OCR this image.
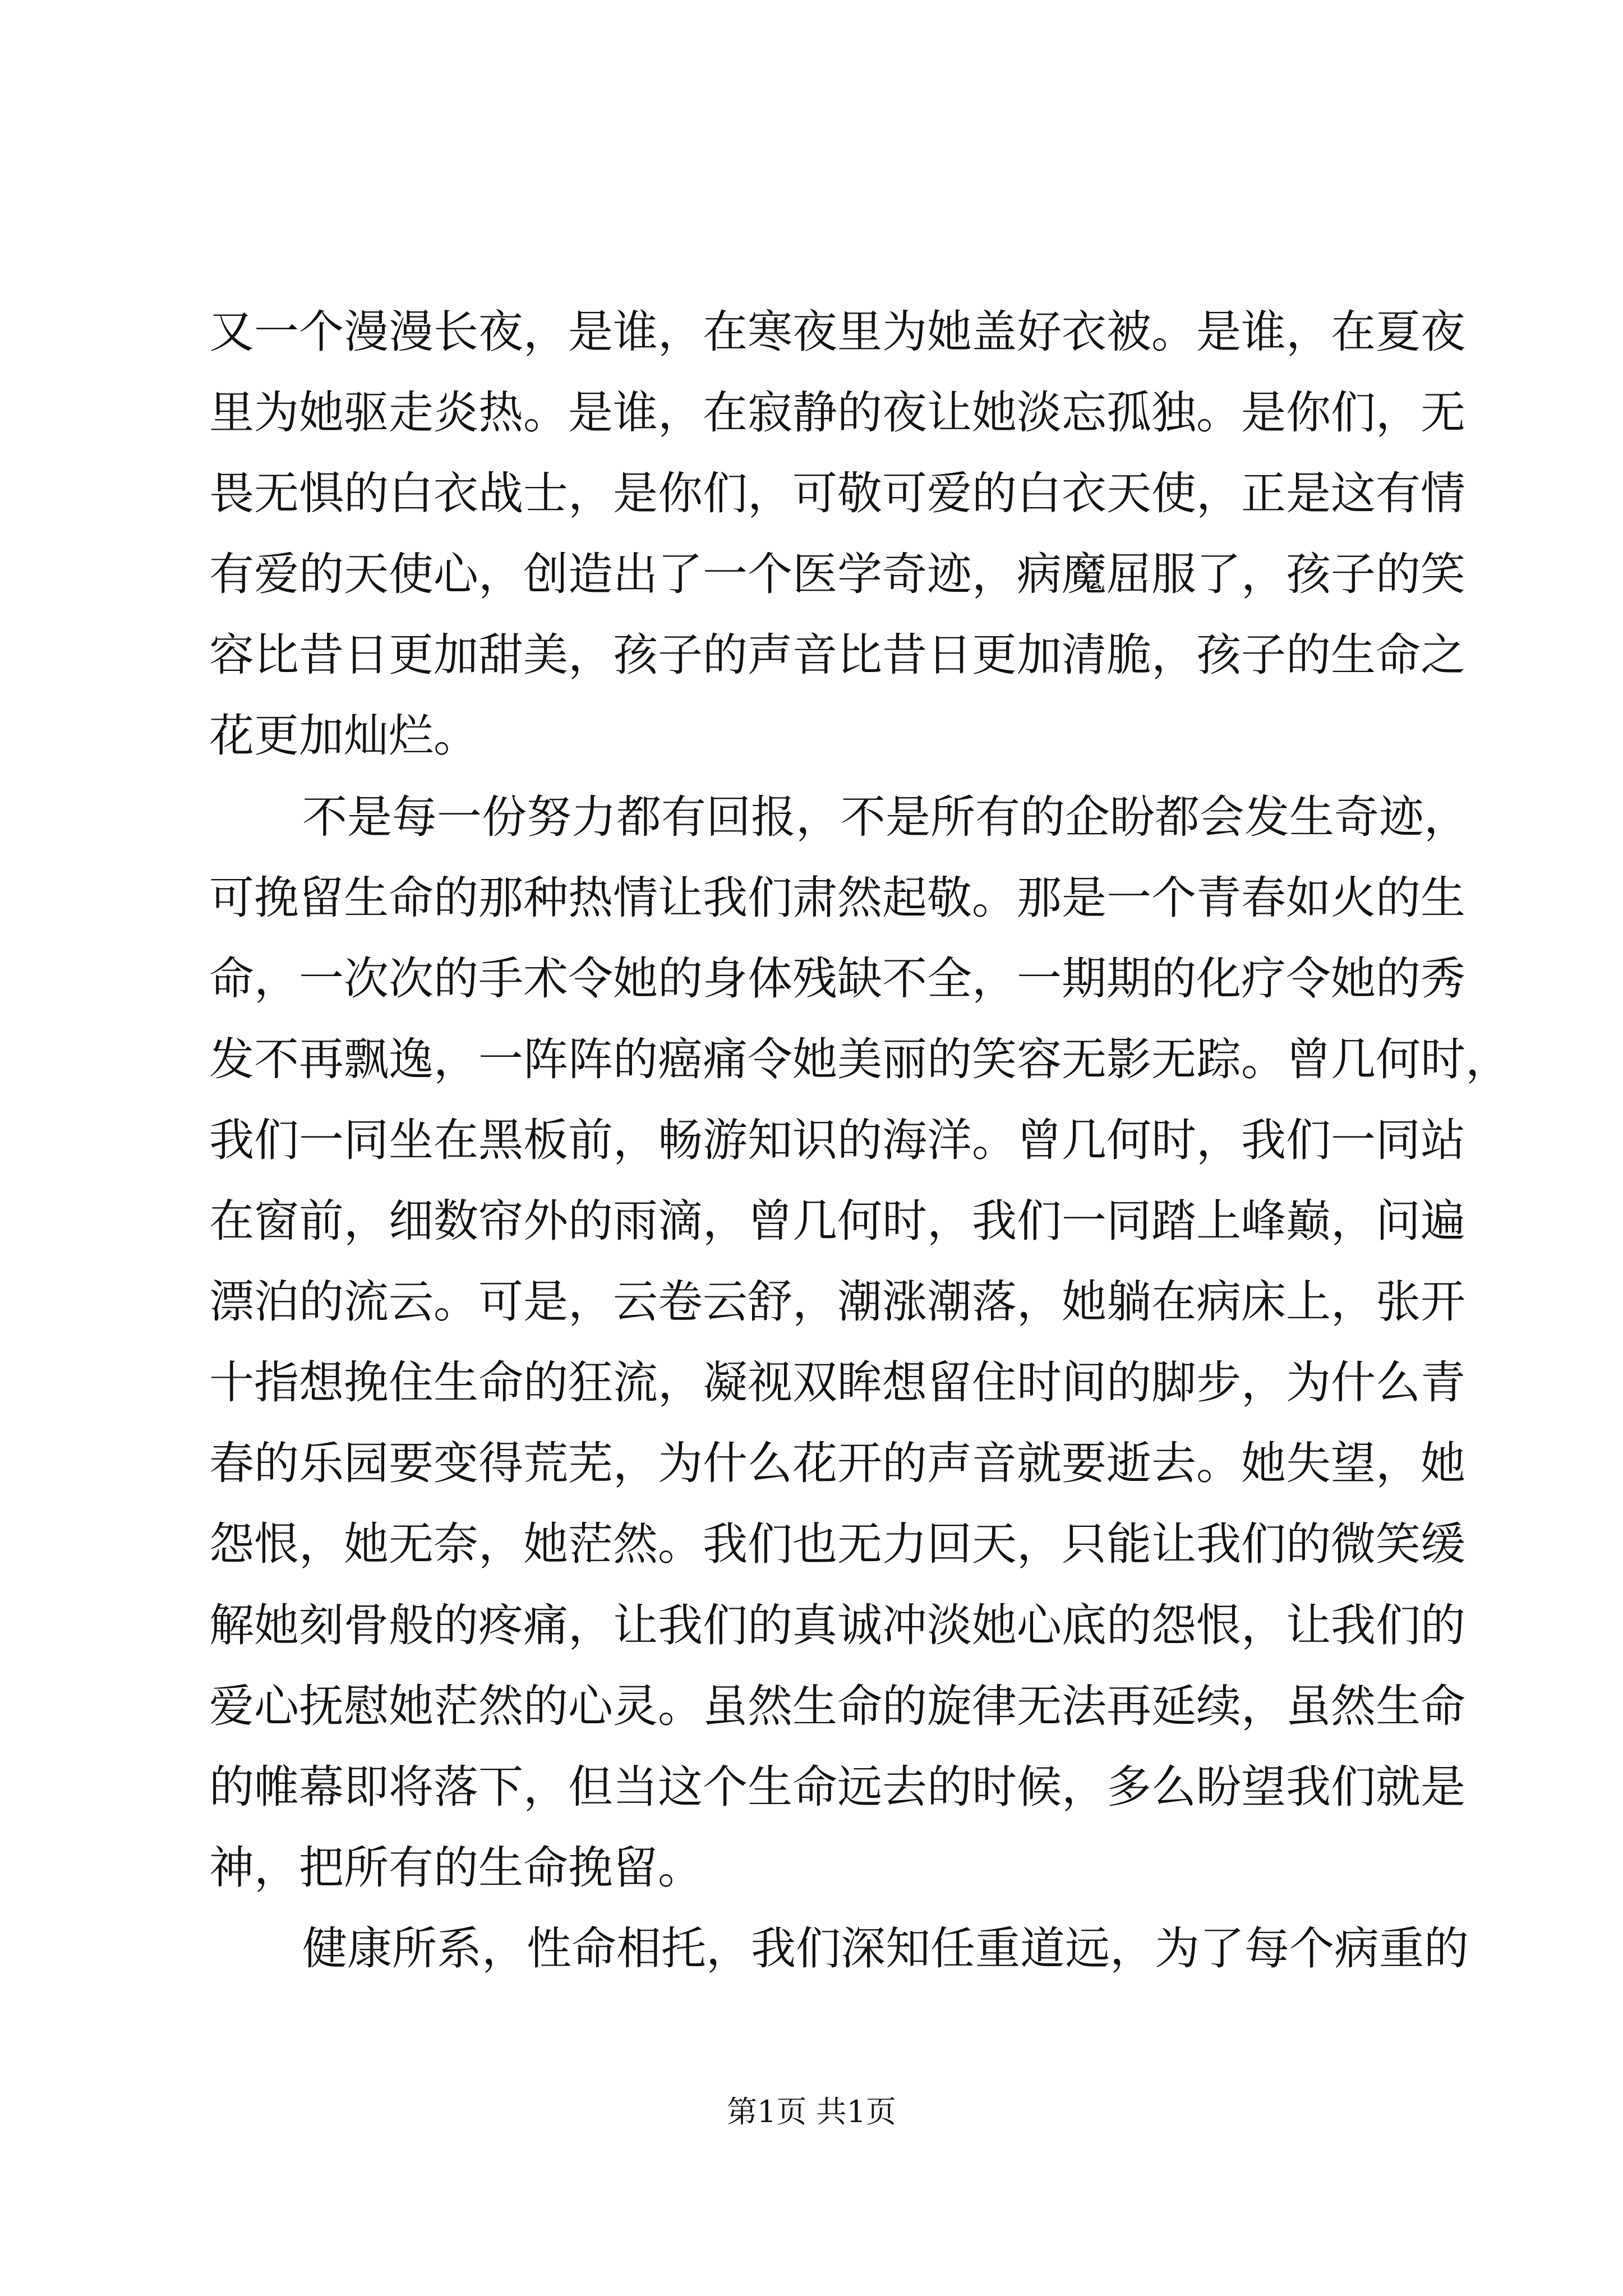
又一个漫漫长夜，是谁，在寒夜里为她盖好衣被。是谁，在夏夜
里为她驱走炎热。是谁，在寂静的夜让她淡忘孤独。是你们，无
畏无惧的白衣战士，是你们，可敬可爱的白衣天使，正是这有情
有爱的天使心，创造出了一个医学奇迹，病魔屈服了，孩子的笑
容比昔日更加甜美，孩子的声音比昔日更加清脆，孩子的生命之
花更加灿烂。
不是每一份努力都有回报，不是所有的企盼都会发生奇迹，
可挽留生命的那种热情让我们肃然起敬。那是一个青春如火的生
命，一次次的手术令她的身体残缺不全，一期期的化疗令她的秀
发不再飘逸，一阵阵的癌痛令她美丽的笑容无影无踪。曾几何时，
我们一同坐在黑板前，畅游知识的海洋。曾几何时，我们一同站
在窗前，细数帘外的雨滴，曾几何时，我们一同踏上峰巅，问遍
漂泊的流云。可是，云卷云舒，潮涨潮落，她躺在病床上，张开
十指想挽住生命的狂流，凝视双眸想留住时间的脚步，为什么青
春的乐园要变得荒芜，为什么花开的声音就要逝去。她失望，她
怨恨，她无奈，她茫然。我们也无力回天，只能让我们的微笑缓
解她刻骨般的疼痛，让我们的真诚冲淡她心底的怨恨，让我们的
爱心抚慰她茫然的心灵。虽然生命的旋律无法再延续，虽然生命
的帷幕即将落下，但当这个生命远去的时候，多么盼望我们就是
神，把所有的生命挽留。
健康所系，性命相托，我们深知任重道远，为了每个病重的
第1页 共1页
